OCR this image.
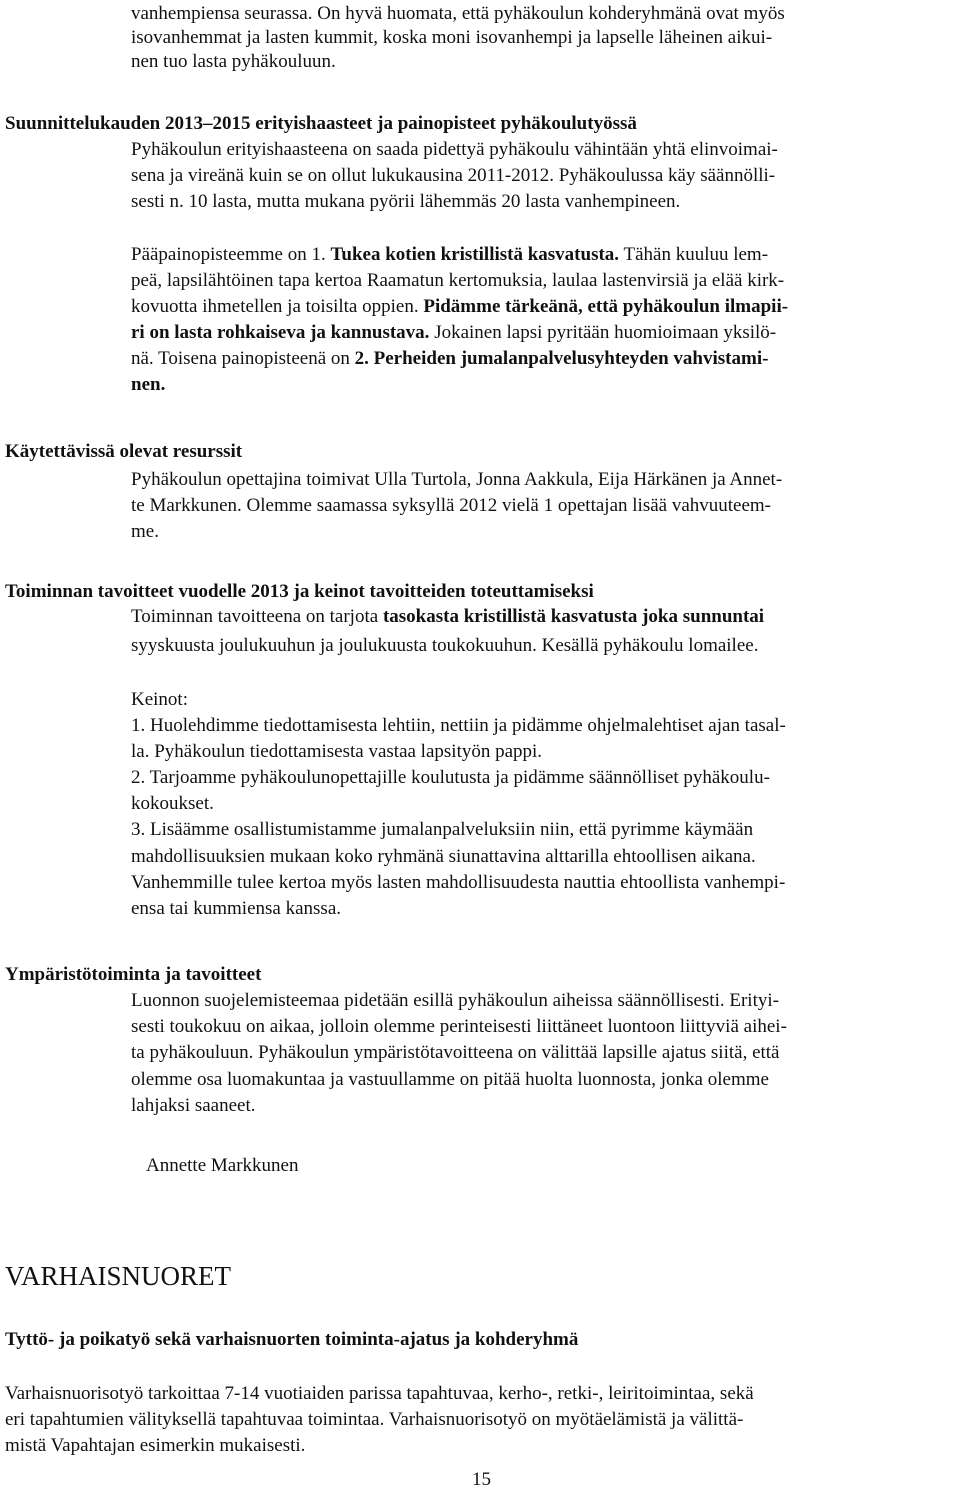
vanhempiensa seurassa. On hyvä huomata, että pyhäkoulun kohderyhmänä ovat myös
isovanhemmat ja lasten kummit, koska moni isovanhempi ja lapselle läheinen aikui-
nen tuo lasta pyhäkouluun.
Suunnittelukauden 2013–2015 erityishaasteet ja painopisteet pyhäkoulutyössä
Pyhäkoulun erityishaasteena on saada pidettyä pyhäkoulu vähintään yhtä elinvoimai-
sena ja vireänä kuin se on ollut lukukausina 2011-2012. Pyhäkoulussa käy säännölli-
sesti n. 10 lasta, mutta mukana pyörii lähemmäs 20 lasta vanhempineen.
Pääpainopisteemme on 1. Tukea kotien kristillistä kasvatusta. Tähän kuuluu lem-
peä, lapsilähtöinen tapa kertoa Raamatun kertomuksia, laulaa lastenvirsiä ja elää kirk-
kovuotta ihmetellen ja toisilta oppien. Pidämme tärkeänä, että pyhäkoulun ilmapii-
ri on lasta rohkaiseva ja kannustava. Jokainen lapsi pyritään huomioimaan yksilö-
nä. Toisena painopisteenä on 2. Perheiden jumalanpalvelusyhteyden vahvistami-
nen.
Käytettävissä olevat resurssit
Pyhäkoulun opettajina toimivat Ulla Turtola, Jonna Aakkula, Eija Härkänen ja Annet-
te Markkunen. Olemme saamassa syksyllä 2012 vielä 1 opettajan lisää vahvuuteem-
me.
Toiminnan tavoitteet vuodelle 2013 ja keinot tavoitteiden toteuttamiseksi
Toiminnan tavoitteena on tarjota tasokasta kristillistä kasvatusta joka sunnuntai
syyskuusta joulukuuhun ja joulukuusta toukokuuhun. Kesällä pyhäkoulu lomailee.
Keinot:
1. Huolehdimme tiedottamisesta lehtiin, nettiin ja pidämme ohjelmalehtiset ajan tasal-
la. Pyhäkoulun tiedottamisesta vastaa lapsityön pappi.
2. Tarjoamme pyhäkoulunopettajille koulutusta ja pidämme säännölliset pyhäkoulu-
kokoukset.
3. Lisäämme osallistumistamme jumalanpalveluksiin niin, että pyrimme käymään
mahdollisuuksien mukaan koko ryhmänä siunattavina alttarilla ehtoollisen aikana.
Vanhemmille tulee kertoa myös lasten mahdollisuudesta nauttia ehtoollista vanhempi-
ensa tai kummiensa kanssa.
Ympäristötoiminta ja tavoitteet
Luonnon suojelemisteemaa pidetään esillä pyhäkoulun aiheissa säännöllisesti. Erityi-
sesti toukokuu on aikaa, jolloin olemme perinteisesti liittäneet luontoon liittyviä aihei-
ta pyhäkouluun. Pyhäkoulun ympäristötavoitteena on välittää lapsille ajatus siitä, että
olemme osa luomakuntaa ja vastuullamme on pitää huolta luonnosta, jonka olemme
lahjaksi saaneet.
Annette Markkunen
VARHAISNUORET
Tyttö- ja poikatyö sekä varhaisnuorten toiminta-ajatus ja kohderyhmä
Varhaisnuorisotyö tarkoittaa 7-14 vuotiaiden parissa tapahtuvaa, kerho-, retki-, leiritoimintaa, sekä
eri tapahtumien välityksellä tapahtuvaa toimintaa. Varhaisnuorisotyö on myötäelämistä ja välittä-
mistä Vapahtajan esimerkin mukaisesti.
15
